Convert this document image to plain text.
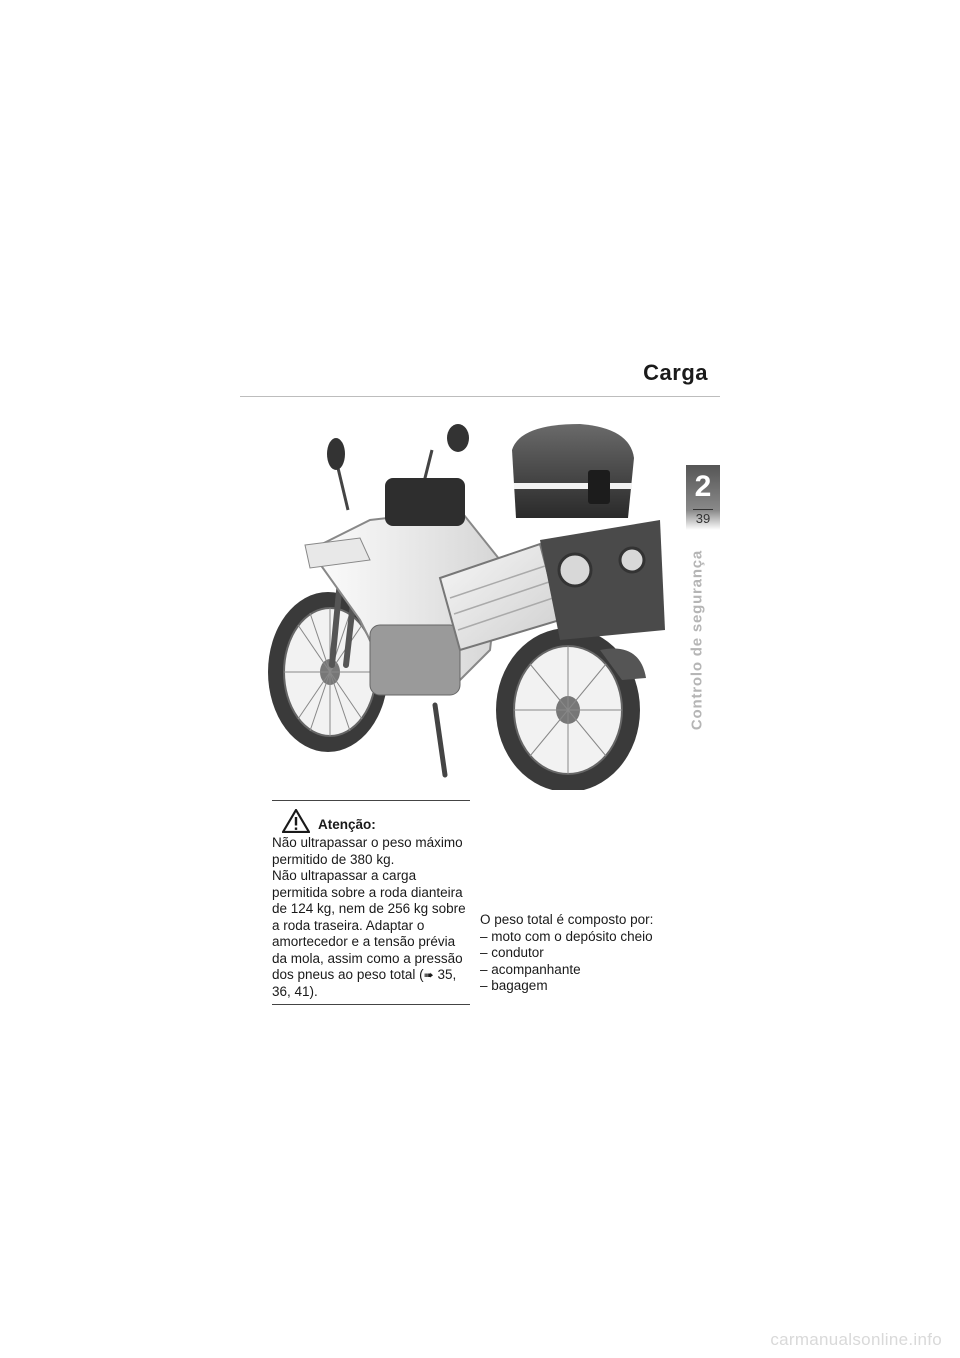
Carga
2
39
Controlo de segurança
Atenção:

Não ultrapassar o peso máximo permitido de 380 kg.

Não ultrapassar a carga permitida sobre a roda dianteira de 124 kg, nem de 256 kg sobre a roda traseira. Adaptar o amortecedor e a tensão prévia da mola, assim como a pressão dos pneus ao peso total (➠ 35, 36, 41).

O peso total é composto por:

– moto com o depósito cheio
– condutor
– acompanhante
– bagagem
carmanualsonline.info
